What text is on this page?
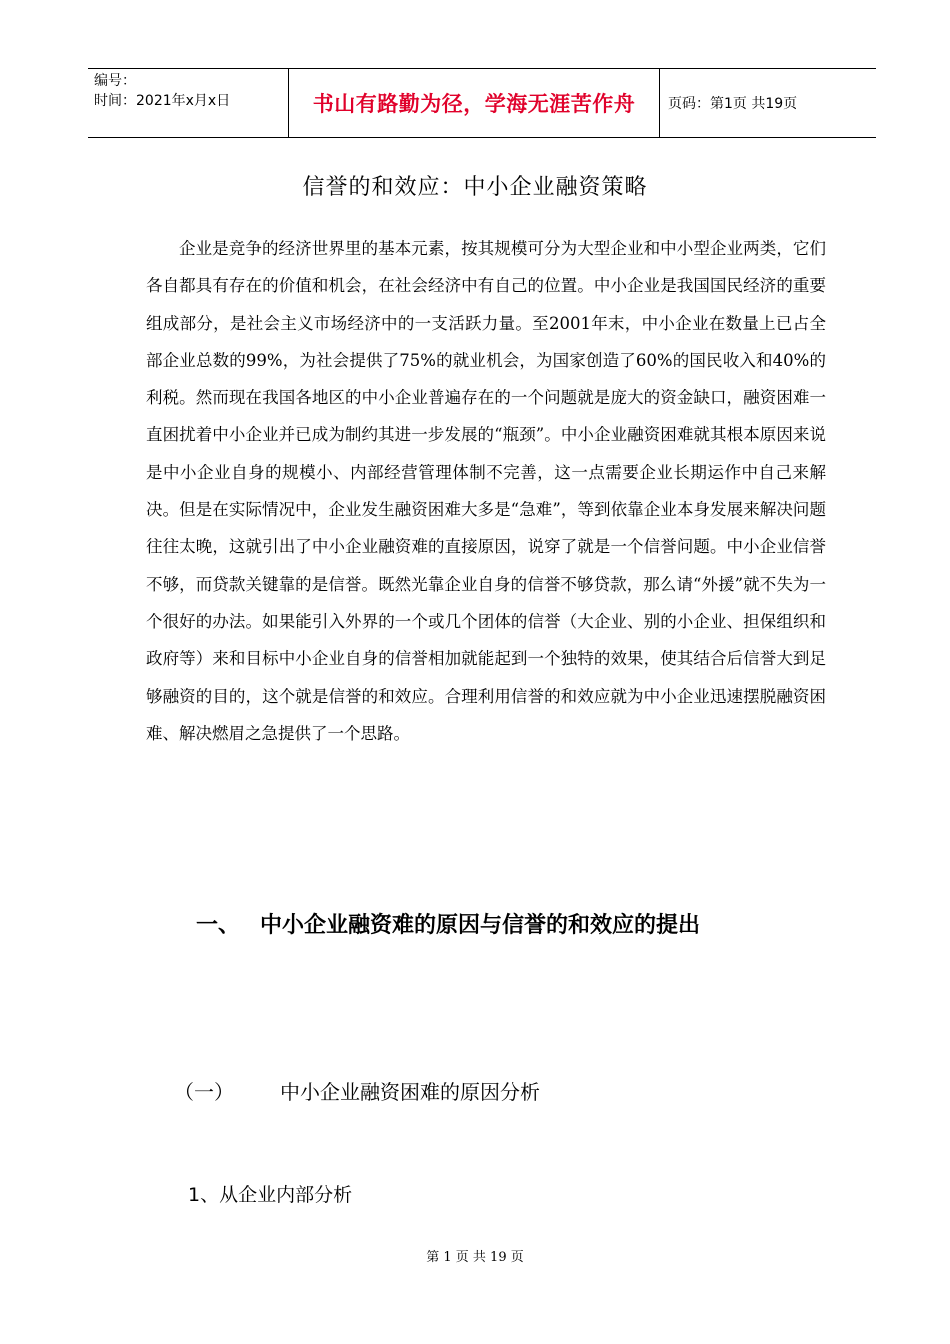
编号：
时间：2021年x月x日	书山有路勤为径，学海无涯苦作舟 页码：第1页 共19页
信誉的和效应：中小企业融资策略

企业是竞争的经济世界里的基本元素，按其规模可分为大型企业和中小型企业两类，它们各自都具有存在的价值和机会，在社会经济中有自己的位置。中小企业是我国国民经济的重要组成部分，是社会主义市场经济中的一支活跃力量。至2001年末，中小企业在数量上已占全部企业总数的99%，为社会提供了75%的就业机会，为国家创造了60%的国民收入和40%的利税。然而现在我国各地区的中小企业普遍存在的一个问题就是庞大的资金缺口，融资困难一直困扰着中小企业并已成为制约其进一步发展的“瓶颈”。中小企业融资困难就其根本原因来说是中小企业自身的规模小、内部经营管理体制不完善，这一点需要企业长期运作中自己来解决。但是在实际情况中，企业发生融资困难大多是“急难”，等到依靠企业本身发展来解决问题往往太晚，这就引出了中小企业融资难的直接原因，说穿了就是一个信誉问题。中小企业信誉不够，而贷款关键靠的是信誉。既然光靠企业自身的信誉不够贷款，那么请“外援”就不失为一个很好的办法。如果能引入外界的一个或几个团体的信誉（大企业、别的小企业、担保组织和政府等）来和目标中小企业自身的信誉相加就能起到一个独特的效果，使其结合后信誉大到足够融资的目的，这个就是信誉的和效应。合理利用信誉的和效应就为中小企业迅速摆脱融资困难、解决燃眉之急提供了一个思路。

一、 中小企业融资难的原因与信誉的和效应的提出
（一） 中小企业融资困难的原因分析
1、从企业内部分析
第 1 页 共 19 页
